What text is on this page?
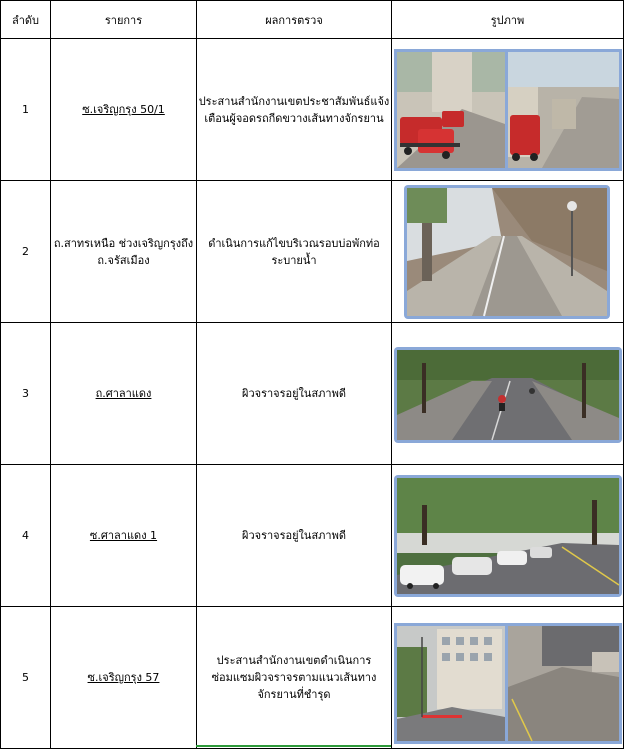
ลำดับ	รายการ	ผลการตรวจ	รูปภาพ	
1	ซ.เจริญกรุง 50/1	ประสานสำนักงานเขตประชาสัมพันธ์แจ้งเตือนผู้จอดรถกีดขวางเส้นทางจักรยาน	

2	ถ.สาทรเหนือ ช่วงเจริญกรุงถึงถ.จรัสเมือง	ดำเนินการแก้ไขบริเวณรอบบ่อพักท่อระบายน้ำ	

3	ถ.ศาลาแดง	ผิวจราจรอยู่ในสภาพดี	

4	ซ.ศาลาแดง 1	ผิวจราจรอยู่ในสภาพดี	

5	ซ.เจริญกรุง 57	ประสานสำนักงานเขตดำเนินการซ่อมแซมผิวจราจรตามแนวเส้นทางจักรยานที่ชำรุด	
